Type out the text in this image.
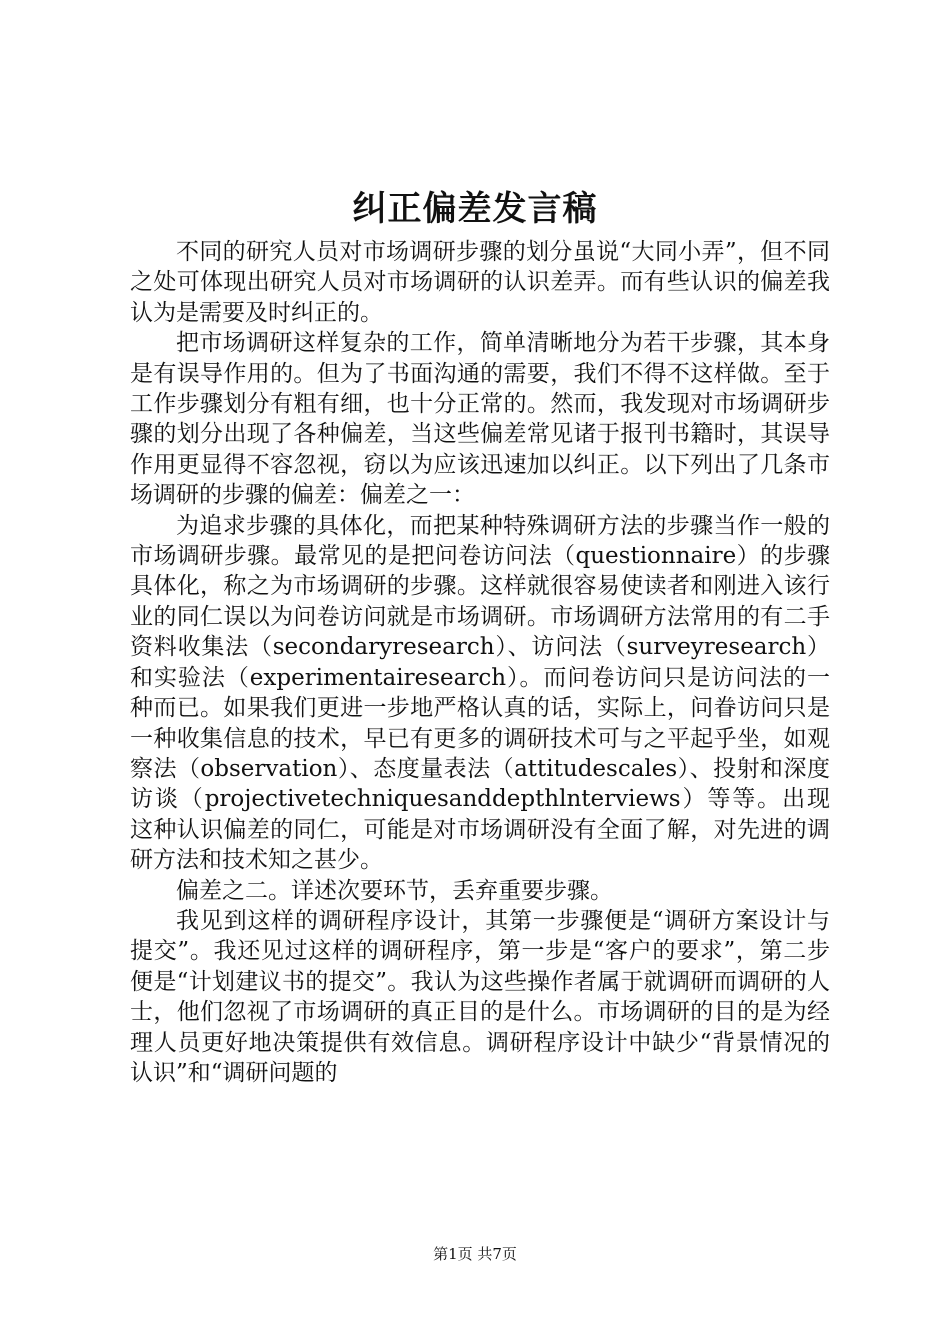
纠正偏差发言稿

不同的研究人员对市场调研步骤的划分虽说“大同小弄”，但不同之处可体现出研究人员对市场调研的认识差弄。而有些认识的偏差我认为是需要及时纠正的。

把市场调研这样复杂的工作，简单清晰地分为若干步骤，其本身是有误导作用的。但为了书面沟通的需要，我们不得不这样做。至于工作步骤划分有粗有细，也十分正常的。然而，我发现对市场调研步骤的划分出现了各种偏差，当这些偏差常见诸于报刊书籍时，其误导作用更显得不容忽视，窃以为应该迅速加以纠正。以下列出了几条市场调研的步骤的偏差：偏差之一：

为追求步骤的具体化，而把某种特殊调研方法的步骤当作一般的市场调研步骤。最常见的是把问卷访问法（questionnaire）的步骤具体化，称之为市场调研的步骤。这样就很容易使读者和刚进入该行业的同仁误以为问卷访问就是市场调研。市场调研方法常用的有二手资料收集法（secondaryresearch）、访问法（surveyresearch）和实验法（experimentairesearch）。而问卷访问只是访问法的一种而已。如果我们更进一步地严格认真的话，实际上，问眷访问只是一种收集信息的技术，早已有更多的调研技术可与之平起乎坐，如观察法（observation）、态度量表法（attitudescales）、投射和深度访谈（projectivetechniquesanddepthlnterviews）等等。出现这种认识偏差的同仁，可能是对市场调研没有全面了解，对先进的调研方法和技术知之甚少。

偏差之二。详述次要环节，丢弃重要步骤。

我见到这样的调研程序设计，其第一步骤便是“调研方案设计与提交”。我还见过这样的调研程序，第一步是“客户的要求”，第二步便是“计划建议书的提交”。我认为这些操作者属于就调研而调研的人士，他们忽视了市场调研的真正目的是什么。市场调研的目的是为经理人员更好地决策提供有效信息。调研程序设计中缺少“背景情况的认识”和“调研问题的

第1页 共7页
